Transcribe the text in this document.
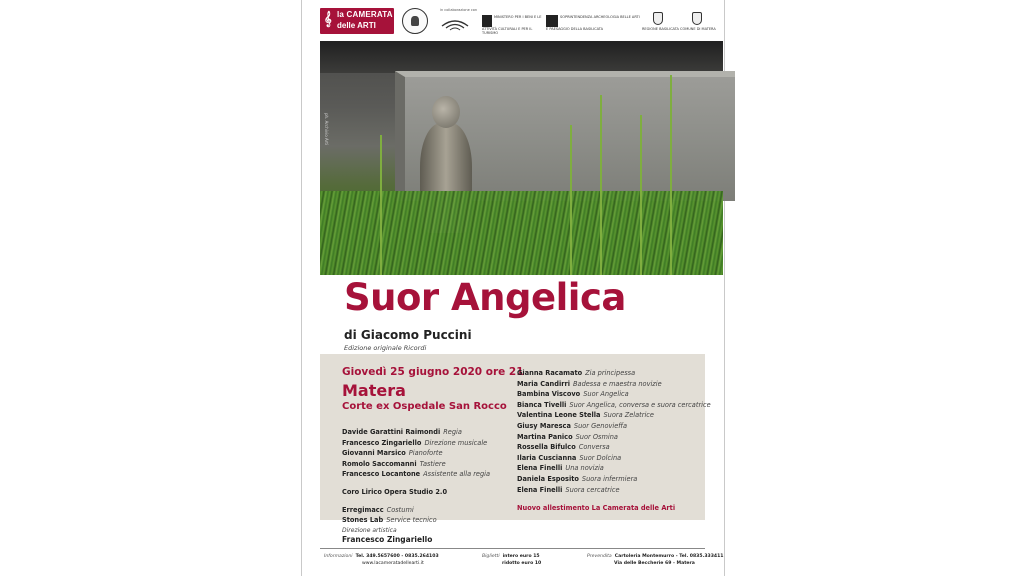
𝄞 la CAMERATA
delle ARTI
in collaborazione con
MINISTERO PER I BENI E LE ATTIVITÀ CULTURALI E PER IL TURISMO
SOPRINTENDENZA ARCHEOLOGIA BELLE ARTI E PAESAGGIO DELLA BASILICATA	REGIONE BASILICATA COMUNE DI MATERA
ph. Archivio Arti
Suor Angelica
di Giacomo Puccini
Edizione originale Ricordi
Giovedì 25 giugno 2020 ore 21
Matera
Corte ex Ospedale San Rocco
Davide Garattini Raimondi Regia
Francesco Zingariello Direzione musicale
Giovanni Marsico Pianoforte
Romolo Saccomanni Tastiere
Francesco Locantone Assistente alla regia
Coro Lirico Opera Studio 2.0
Erregimacc Costumi
Stones Lab Service tecnico
Gianna Racamato Zia principessa
Maria Candirri Badessa e maestra novizie
Bambina Viscovo Suor Angelica
Bianca Tivelli Suor Angelica, conversa e suora cercatrice
Valentina Leone Stella Suora Zelatrice
Giusy Maresca Suor Genovieffa
Martina Panico Suor Osmina
Rossella Bifulco Conversa
Ilaria Cuscianna Suor Dolcina
Elena Finelli Una novizia
Daniela Esposito Suora infermiera
Elena Finelli Suora cercatrice
Nuovo allestimento La Camerata delle Arti
Direzione artistica
Francesco Zingariello
Informazioni Tel. 349.5657600 - 0835.264103
www.lacameratadellearti.it
Biglietti intero euro 15
ridotto euro 10
Prevendita Cartoleria Montemurro - Tel. 0835.333411
Via delle Beccherie 69 - Matera
